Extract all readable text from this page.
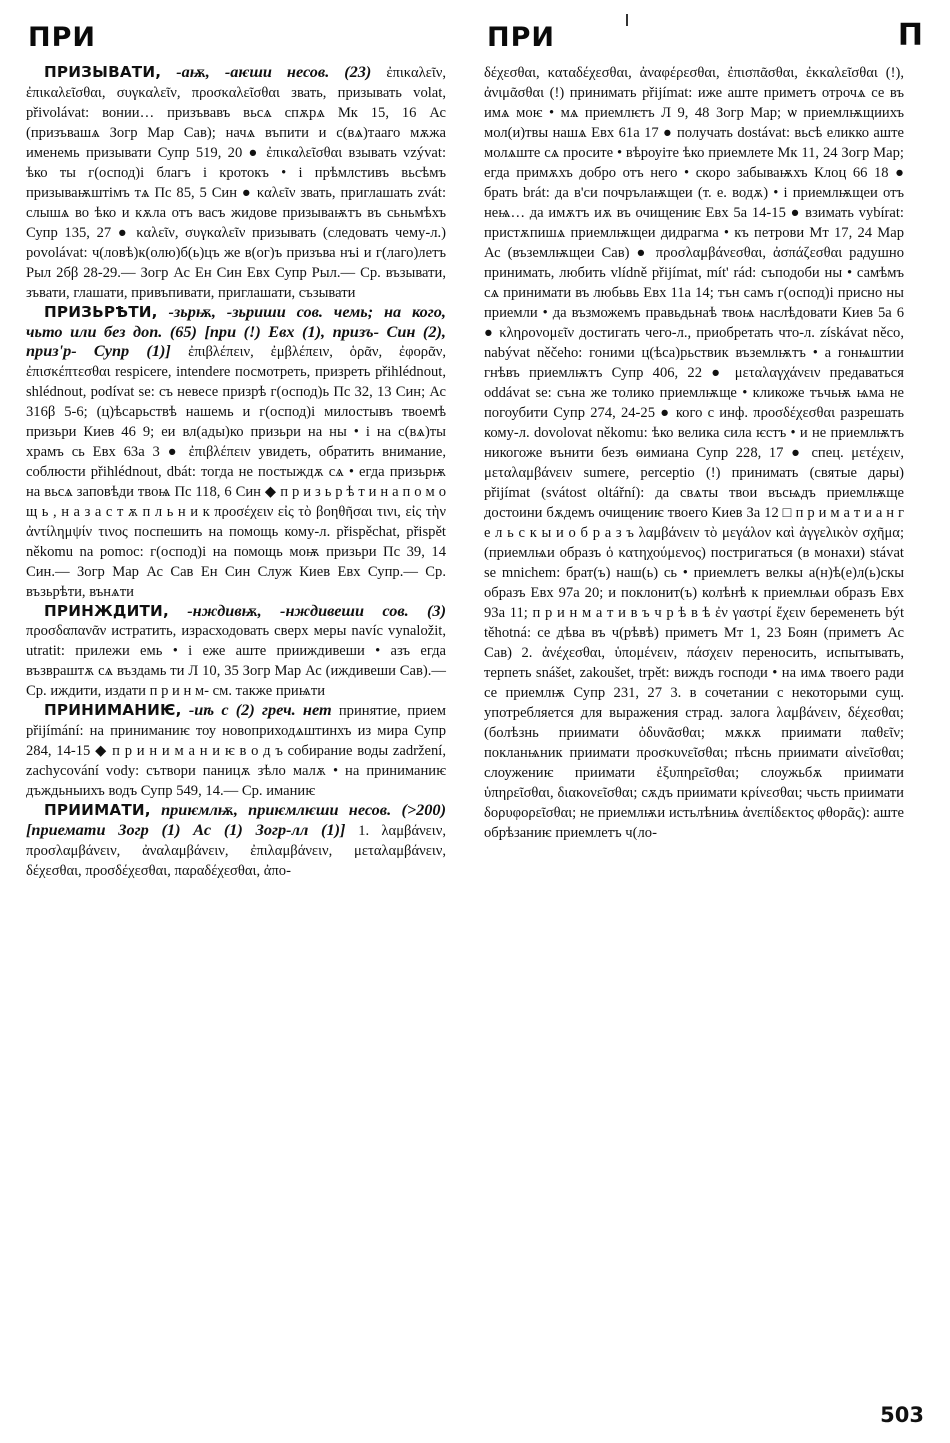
ПРИ	ПРИ	П

ПРИЗЫВАТИ, -аѭ, -аѥши несов. (23) ἐπικαλεῖν, ἐπικαλεῖσθαι, συγκαλεῖν, προσκαλεῖσθαι звать, призывать volat, přivolávat: вонии… призъвавъ вьсѧ спѫрѧ Мк 15, 16 Ас (призъвашѧ Зогр Мар Сав); начѧ въпити и с(вѧ)тааго мѫжа именемь призывати Супр 519, 20 ● ἐπικαλεῖσθαι взывать vzývat: ѣко ты г(оспод)і благъ і кротокъ • і прѣмлстивъ вьсѣмъ призываѭштімъ тѧ Пс 85, 5 Син ● καλεῖν звать, приглашать zvát: слышѧ во ѣко и кѫла отъ васъ жидове призываѭтъ въ сьньмѣхъ Супр 135, 27 ● καλεῖν, συγκαλεῖν призывать (следовать чему-л.) povolávat: ч(ловѣ)к(олю)б(ь)цъ же в(ог)ъ призъва нъі и г(лаго)летъ Рыл 2бβ 28-29.— Зогр Ас Ен Син Евх Супр Рыл.— Ср. възывати, зъвати, глашати, привъпивати, приглашати, съзывати

ПРИЗЬРѢТИ, -зьрѭ, -зьриши сов. чемь; на кого, чьто или без доп. (65) [при (!) Евх (1), призъ- Син (2), приз'р- Супр (1)] ἐπιβλέπειν, ἐμβλέπειν, ὁρᾶν, ἐφορᾶν, ἐπισκέπτεσθαι respicere, intendere посмотреть, призреть přihlédnout, shlédnout, podívat se: съ невесе призрѣ г(оспод)ь Пс 32, 13 Син; Ас 316β 5-6; (ц)ѣсарьствѣ нашемь и г(оспод)і милостывъ твоемѣ призьри Киев 46 9; еи вл(ады)ко призьри на ны • і на с(вѧ)ты храмъ сь Евх 63а 3 ● ἐπιβλέπειν увидеть, обратить внимание, соблюсти přihlédnout, dbát: тогда не постыждѫ сѧ • егда призьрѭ на вьсѧ заповѣди твоѩ Пс 118, 6 Син ◆ п р и з ь р ѣ т и н а п о м о щ ь , н а з а с т ѫ п л ь н и к προσέχειν εἰς τὸ βοηθῆσαι τινι, εἰς τὴν ἀντίλημψίν τινος поспешить на помощь кому-л. přispěchat, přispět někomu na pomoc: г(оспод)і на помощь моѭ призьри Пс 39, 14 Син.— Зогр Мар Ас Сав Ен Син Служ Киев Евх Супр.— Ср. възьрѣти, вънѧти

ПРИНЖДИТИ, -нждивѭ, -нждивеши сов. (3) προσδαπανᾶν истратить, израсходовать сверх меры navíc vynaložit, utratit: прилежи емь • і еже аште прииждивеши • азъ егда възвраштѫ сѧ въздамь ти Л 10, 35 Зогр Мар Ас (иждивеши Сав).— Ср. иждити, издати п р и н м- см. также приѩти

ПРИНИМАНИѤ, -иѣ с (2) греч. нет принятие, прием přijímání: на приниманиѥ тоу новоприходѧштинхъ из мира Супр 284, 14-15 ◆ п р и н и м а н и ѥ в о д ъ собирание воды zadržení, zachycování vody: сътвори паницѫ зѣло малѫ • на приниманиѥ дъждьныихъ водъ Супр 549, 14.— Ср. иманиѥ

ПРИИМАТИ, приѥмлѭ, приѥмлѥши несов. (>200) [приемати Зогр (1) Ас (1) Зогр-лл (1)] 1. λαμβάνειν, προσλαμβάνειν, ἀναλαμβάνειν, ἐπιλαμβάνειν, μεταλαμβάνειν, δέχεσθαι, προσδέχεσθαι, παραδέχεσθαι, ἀπο-

δέχεσθαι, καταδέχεσθαι, ἀναφέρεσθαι, ἐπισπᾶσθαι, ἐκκαλεῖσθαι (!), ἀνιμᾶσθαι (!) принимать přijímat: иже аште приметъ отрочѧ се въ имѧ моѥ • мѧ приемлѥтъ Л 9, 48 Зогр Мар; ѡ приемлѭщиихъ мол(и)твы нашѧ Евх 61а 17 ● получать dostávat: вьсѣ еликко аште молѧште сѧ просите • вѣроуіте ѣко приемлете Мк 11, 24 Зогр Мар; егда примѫхъ добро отъ него • скоро забываѭхъ Клоц 66 18 ● брать brát: да в'си почрълаѭщеи (т. е. водѫ) • і приемлѭщеи отъ неѩ… да имѫтъ иѫ въ очищениѥ Евх 5а 14-15 ● взимать vybírat: пристѫпишѧ приемлѭщеи дидрагма • къ петрови Мт 17, 24 Мар Ас (въземлѭщеи Сав) ● προσλαμβάνεσθαι, ἀσπάζεσθαι радушно принимать, любить vlídně přijímat, mít' rád: съподоби ны • самѣмъ сѧ принимати въ любьвь Евх 11а 14; тън самъ г(оспод)і присно ны приемли • да възможемъ правьдьнаѣ твоѩ наслѣдовати Киев 5а 6 ● κληρονομεῖν достигать чего-л., приобретать что-л. získávat něco, nabývat něčeho: гоними ц(ѣса)рьствик въземлѭтъ • а гонѩштии гнѣвъ приемлѭтъ Супр 406, 22 ● μεταλαγχάνειν предаваться oddávat se: съна же толико приемлѭще • кликоже тъчьѭ ѩма не погоубити Супр 274, 24-25 ● кого с инф. προσδέχεσθαι разрешать кому-л. dovolovat někomu: ѣко велика сила ѥстъ • и не приемлѭтъ никогоже вънити безъ ѳимиана Супр 228, 17 ● спец. μετέχειν, μεταλαμβάνειν sumere, perceptio (!) принимать (святые дары) přijímat (svátost oltářní): да свѧты твои въсѩдъ приемлѭще достоини бѫдемъ очищениѥ твоего Киев За 12 □ п р и м а т и а н г е л ь с к ы и о б р а з ъ λαμβάνειν τὸ μεγάλον καὶ ἀγγελικὸν σχῆμα; (приемлѩи образъ ὁ κατηχούμενος) постригаться (в монахи) stávat se mnichem: брат(ъ) наш(ь) сь • приемлетъ велкы а(н)ѣ(е)л(ь)скы образъ Евх 97а 20; и поклонит(ъ) колѣнѣ к приемлѩи образъ Евх 93а 11; п р и н м а т и в ъ ч р ѣ в ѣ ἐν γαστρί ἔχειν беременеть být těhotná: се дѣва въ ч(рѣвѣ) приметъ Мт 1, 23 Боян (приметъ Ас Сав) 2. ἀνέχεσθαι, ὑπομένειν, πάσχειν переносить, испытывать, терпеть snášet, zakoušet, trpět: виждъ господи • на имѧ твоего ради се приемлѭ Супр 231, 27 3. в сочетании с некоторыми сущ. употребляется для выражения страд. залога λαμβάνειν, δέχεσθαι; (болѣзнь приимати ὀδυνᾶσθαι; мѫкѫ приимати παθεῖν; покланѩник приимати προσκυνεῖσθαι; пѣснь приимати αἰνεῖσθαι; слоужениѥ приимати ἐξυπηρεῖσθαι; слоужьбѫ приимати ὑπηρεῖσθαι, διακονεῖσθαι; сѫдъ приимати κρίνεσθαι; чьсть приимати δορυφορεῖσθαι; не приемлѭи истьлѣниѩ ἀνεπίδεκτος φθορᾶς): аште обрѣзаниѥ приемлетъ ч(ло-

503
